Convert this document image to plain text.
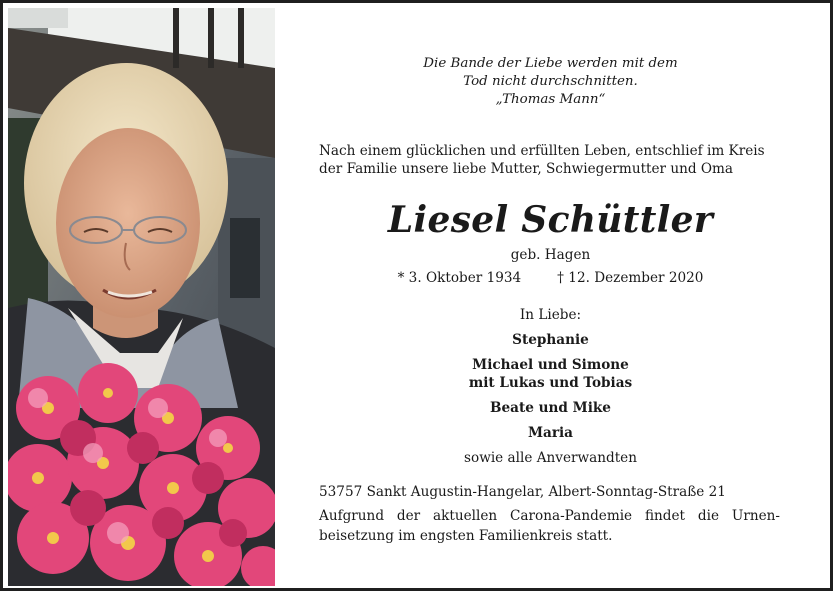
Die Bande der Liebe werden mit dem
Tod nicht durchschnitten.
„Thomas Mann“
Nach einem glücklichen und erfüllten Leben, entschlief im Kreis
der Familie unsere liebe Mutter, Schwiegermutter und Oma
Liesel Schüttler
geb. Hagen
* 3. Oktober 1934	† 12. Dezember 2020
In Liebe:
Stephanie
Michael und Simone
mit Lukas und Tobias
Beate und Mike
Maria
sowie alle Anverwandten
53757 Sankt Augustin-Hangelar, Albert-Sonntag-Straße 21
Aufgrund der aktuellen Carona-Pandemie findet die Urnen-
beisetzung im engsten Familienkreis statt.
